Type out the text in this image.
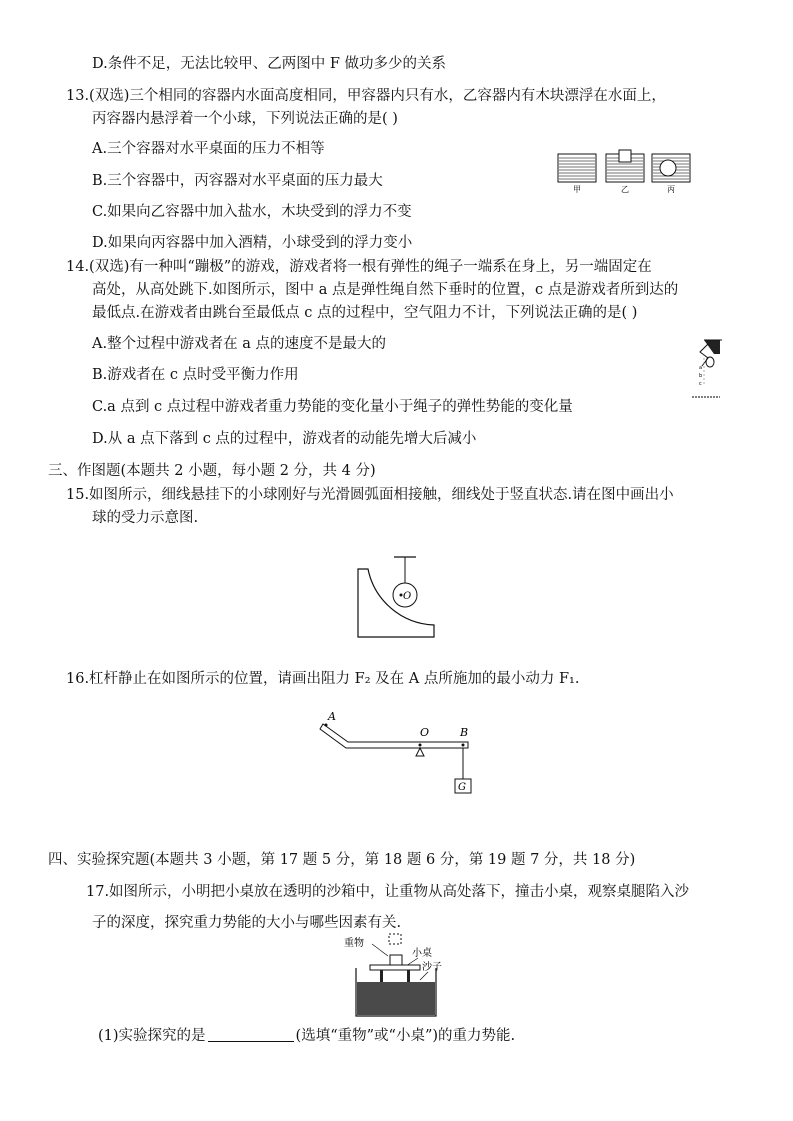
D.条件不足，无法比较甲、乙两图中 F 做功多少的关系
13.(双选)三个相同的容器内水面高度相同，甲容器内只有水，乙容器内有木块漂浮在水面上，
丙容器内悬浮着一个小球，下列说法正确的是( )
A.三个容器对水平桌面的压力不相等
B.三个容器中，丙容器对水平桌面的压力最大
C.如果向乙容器中加入盐水，木块受到的浮力不变
D.如果向丙容器中加入酒精，小球受到的浮力变小
甲	乙	丙
14.(双选)有一种叫“蹦极”的游戏，游戏者将一根有弹性的绳子一端系在身上，另一端固定在
高处，从高处跳下.如图所示，图中 a 点是弹性绳自然下垂时的位置，c 点是游戏者所到达的
最低点.在游戏者由跳台至最低点 c 点的过程中，空气阻力不计，下列说法正确的是( )
A.整个过程中游戏者在 a 点的速度不是最大的
B.游戏者在 c 点时受平衡力作用
C.a 点到 c 点过程中游戏者重力势能的变化量小于绳子的弹性势能的变化量
D.从 a 点下落到 c 点的过程中，游戏者的动能先增大后减小
a
b
c
三、作图题(本题共 2 小题，每小题 2 分，共 4 分)
15.如图所示，细线悬挂下的小球刚好与光滑圆弧面相接触，细线处于竖直状态.请在图中画出小
球的受力示意图.
O
16.杠杆静止在如图所示的位置，请画出阻力 F₂ 及在 A 点所施加的最小动力 F₁.
A
O	B
G
四、实验探究题(本题共 3 小题，第 17 题 5 分，第 18 题 6 分，第 19 题 7 分，共 18 分)
17.如图所示，小明把小桌放在透明的沙箱中，让重物从高处落下，撞击小桌，观察桌腿陷入沙
子的深度，探究重力势能的大小与哪些因素有关.
重物
小桌
沙子
(1)实验探究的是	(选填“重物”或“小桌”)的重力势能.
